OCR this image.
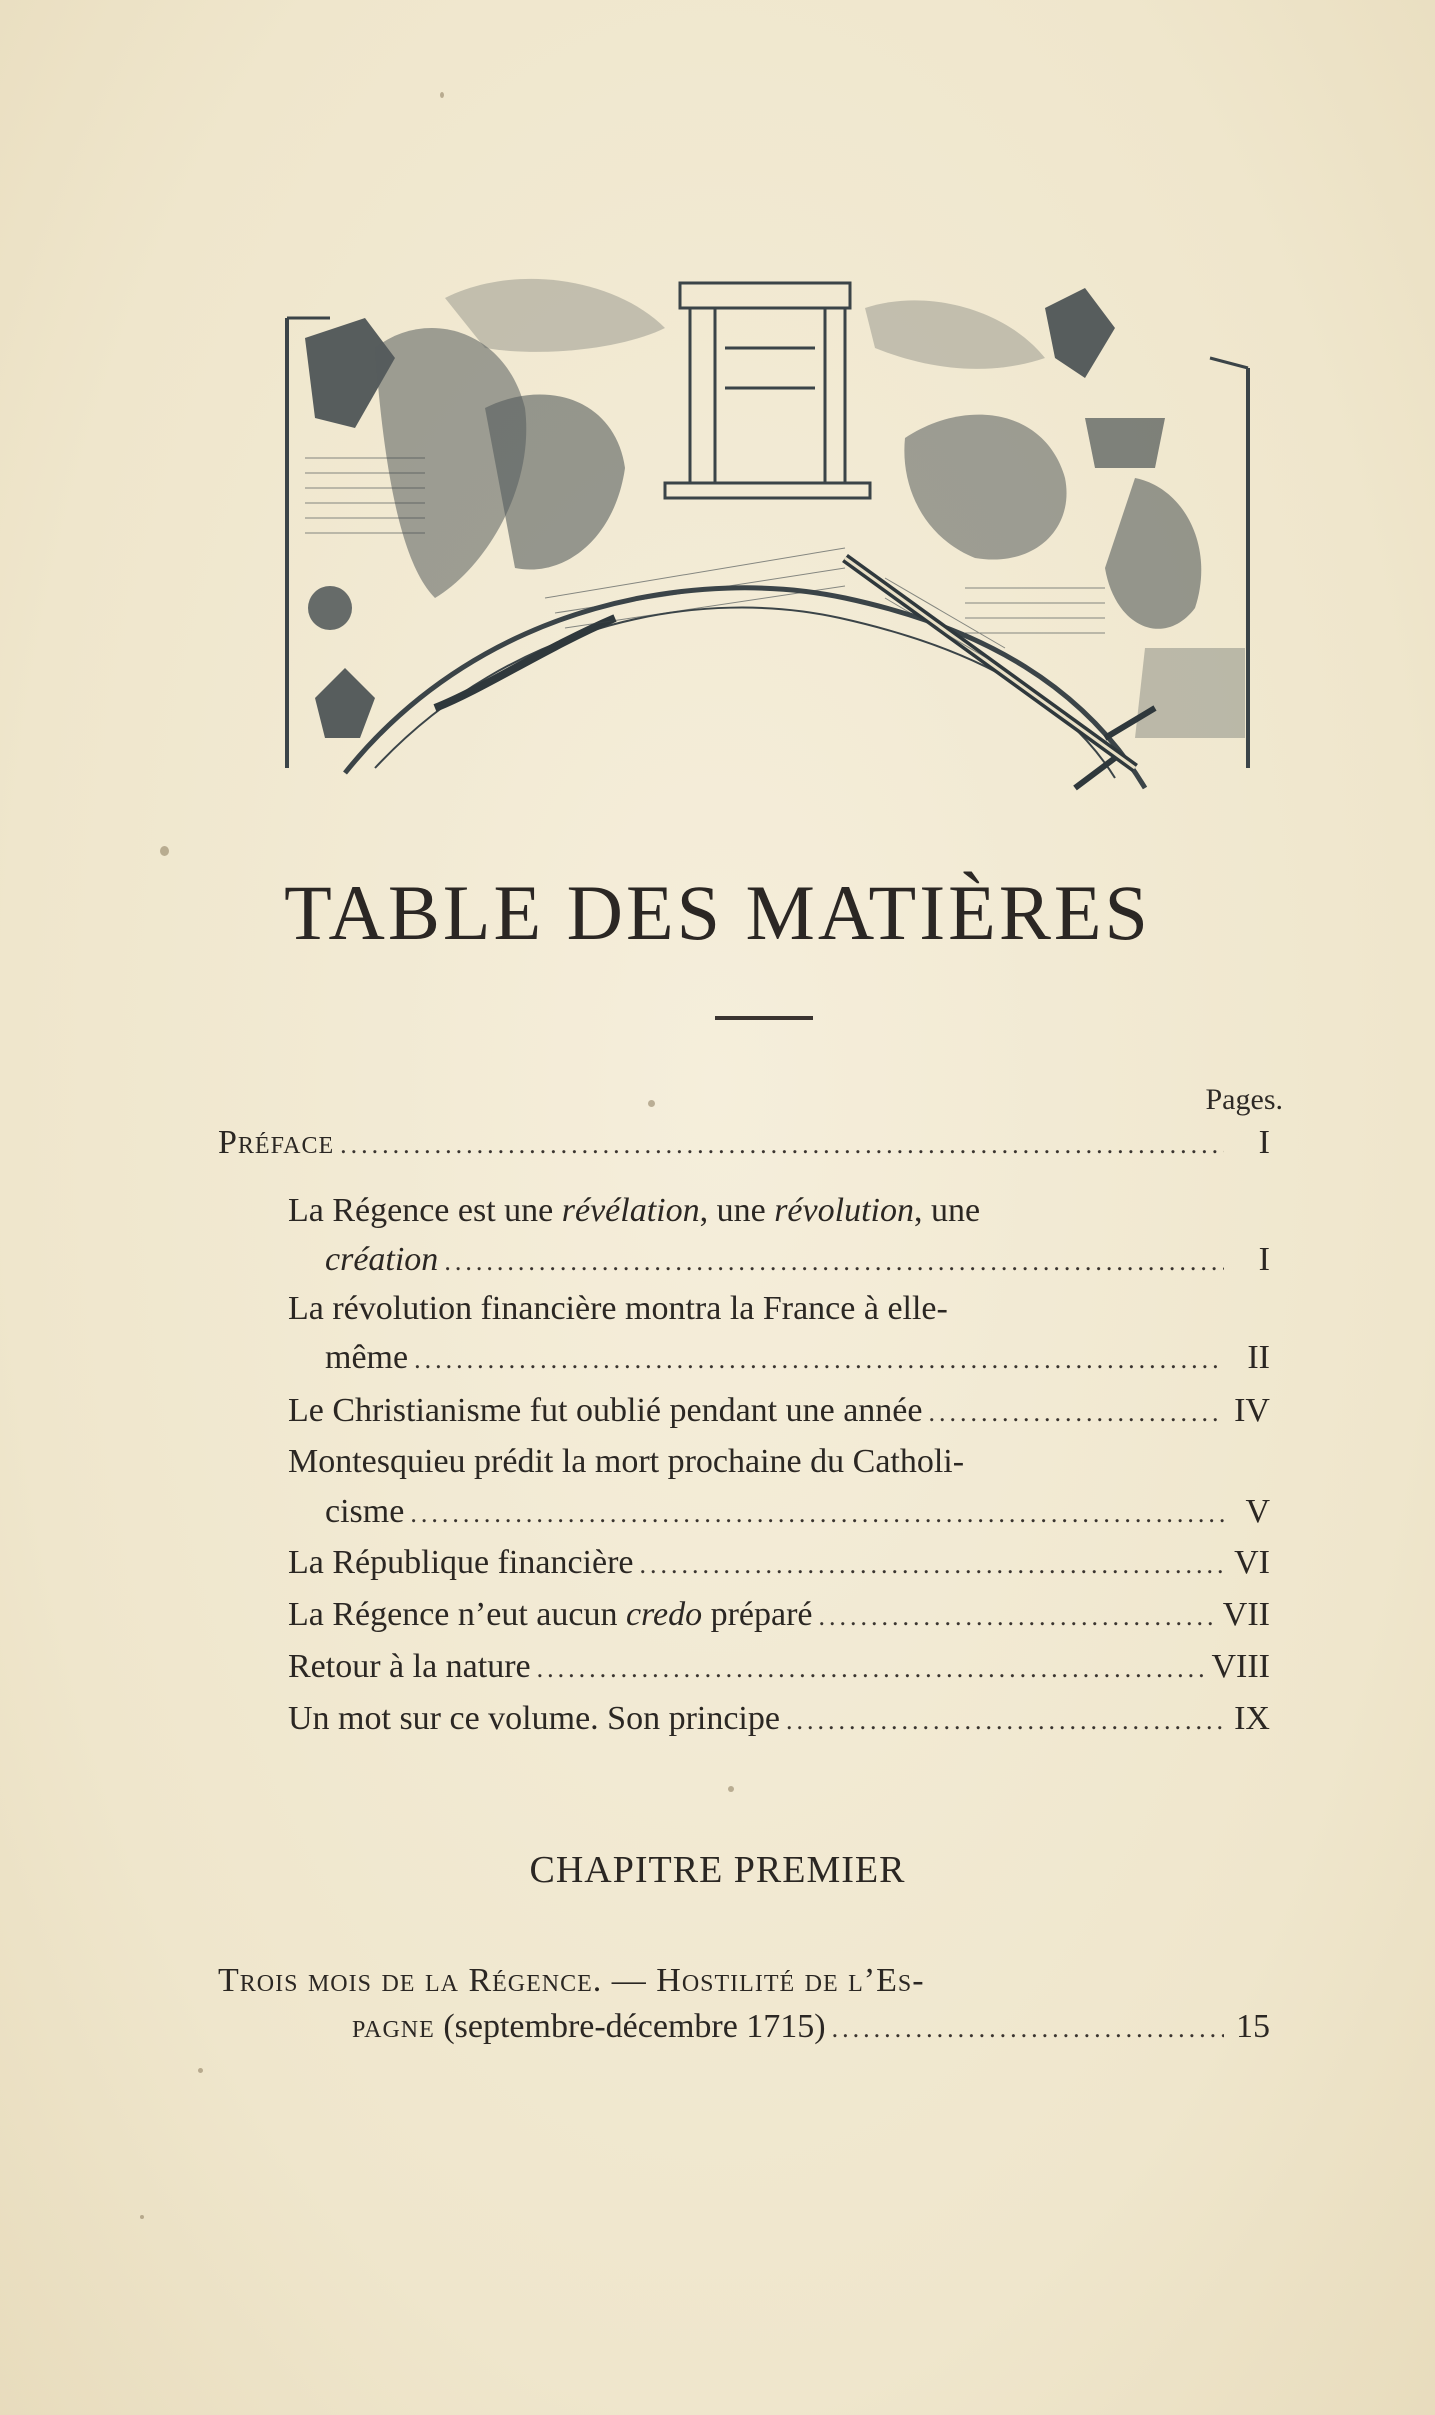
TABLE DES MATIÈRES
Pages.
Préface .....	I
La Régence est une révélation, une révolution, une
création .....	I
La révolution financière montra la France à elle-
même .....	II
Le Christianisme fut oublié pendant une année .....	IV
Montesquieu prédit la mort prochaine du Catholi-
cisme .....	V
La République financière .....	VI
La Régence n’eut aucun credo préparé .....	VII
Retour à la nature .....	VIII
Un mot sur ce volume. Son principe .....	IX
CHAPITRE PREMIER
Trois mois de la Régence. — Hostilité de l’Es-
pagne (septembre-décembre 1715) .....	15
